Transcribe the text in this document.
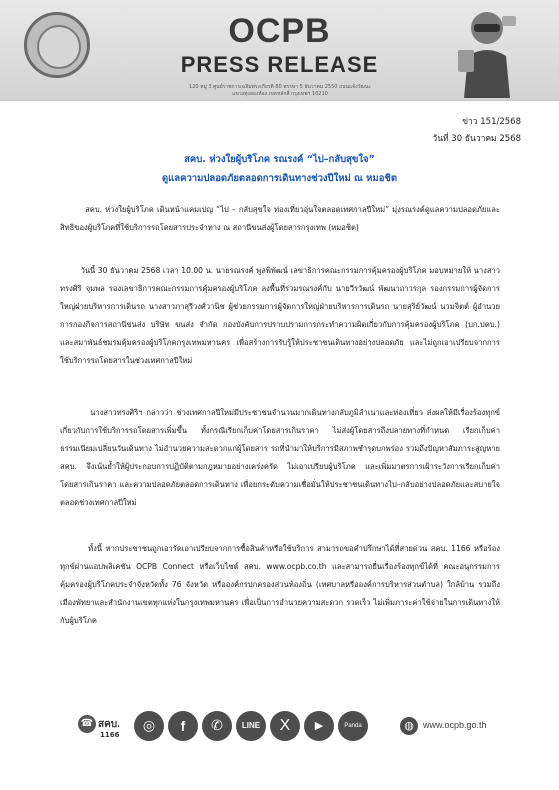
OCPB
PRESS RELEASE
120 หมู่ 3 ศูนย์ราชการเฉลิมพระเกียรติ 80 พรรษา 5 ธันวาคม 2550 ถนนแจ้งวัฒนะ
แขวงทุ่งสองห้อง เขตหลักสี่ กรุงเทพฯ 10210
ข่าว 151/2568
วันที่ 30 ธันวาคม 2568
สคบ. ห่วงใยผู้บริโภค รณรงค์ “ไป–กลับสุขใจ”
ดูแลความปลอดภัยตลอดการเดินทางช่วงปีใหม่ ณ หมอชิต
สคบ. ห่วงใยผู้บริโภค เดินหน้าแคมเปญ “ไป – กลับสุขใจ ท่องเที่ยวอุ่นใจตลอดเทศกาลปีใหม่” มุ่งรณรงค์ดูแลความปลอดภัยและสิทธิของผู้บริโภคที่ใช้บริการรถโดยสารประจำทาง ณ สถานีขนส่งผู้โดยสารกรุงเทพ (หมอชิต)
วันนี้ 30 ธันวาคม 2568 เวลา 10.00 น. นายรณรงค์ พูลพิพัฒน์ เลขาธิการคณะกรรมการคุ้มครองผู้บริโภค มอบหมายให้ นางสาวทรงศิริ จุมพล รองเลขาธิการคณะกรรมการคุ้มครองผู้บริโภค ลงพื้นที่ร่วมรณรงค์กับ นายวีรวัฒน์ พัฒนาถาวรกุล รองกรรมการผู้จัดการใหญ่ฝ่ายบริหารการเดินรถ นางสาวภาสุรีวงศ์วานิช ผู้ช่วยกรรมการผู้จัดการใหญ่ฝ่ายบริหารการเดินรถ นายสุริย์วัฒน์ นวมจิตต์ ผู้อำนวยการกองกิจการสถานีขนส่ง บริษัท ขนส่ง จำกัด กองบังคับการปราบปรามการกระทำความผิดเกี่ยวกับการคุ้มครองผู้บริโภค (บก.ปคบ.) และสมาพันธ์ชมรมคุ้มครองผู้บริโภคกรุงเทพมหานคร เพื่อสร้างการรับรู้ให้ประชาชนเดินทางอย่างปลอดภัย และไม่ถูกเอาเปรียบจากการใช้บริการรถโดยสารในช่วงเทศกาลปีใหม่
นางสาวทรงศิริฯ กล่าวว่า ช่วงเทศกาลปีใหม่มีประชาชนจำนวนมากเดินทางกลับภูมิลำเนาและท่องเที่ยว ส่งผลให้มีเรื่องร้องทุกข์เกี่ยวกับการใช้บริการรถโดยสารเพิ่มขึ้น ทั้งกรณีเรียกเก็บค่าโดยสารเกินราคา ไม่ส่งผู้โดยสารถึงปลายทางที่กำหนด เรียกเก็บค่าธรรมเนียมเปลี่ยนวันเดินทาง ไม่อำนวยความสะดวกแก่ผู้โดยสาร รถที่นำมาให้บริการมีสภาพชำรุดบกพร่อง รวมถึงปัญหาสัมภาระสูญหาย สคบ. จึงเน้นย้ำให้ผู้ประกอบการปฏิบัติตามกฎหมายอย่างเคร่งครัด ไม่เอาเปรียบผู้บริโภค และเพิ่มมาตรการเฝ้าระวังการเรียกเก็บค่าโดยสารเกินราคา และความปลอดภัยตลอดการเดินทาง เพื่อยกระดับความเชื่อมั่นให้ประชาชนเดินทางไป–กลับอย่างปลอดภัยและสบายใจตลอดช่วงเทศกาลปีใหม่
ทั้งนี้ หากประชาชนถูกเอารัดเอาเปรียบจากการซื้อสินค้าหรือใช้บริการ สามารถขอคำปรึกษาได้ที่สายด่วน สคบ. 1166 หรือร้องทุกข์ผ่านแอปพลิเคชัน OCPB Connect หรือเว็บไซต์ สคบ. www.ocpb.co.th และสามารถยื่นเรื่องร้องทุกข์ได้ที่ คณะอนุกรรมการคุ้มครองผู้บริโภคประจำจังหวัดทั้ง 76 จังหวัด หรือองค์กรปกครองส่วนท้องถิ่น (เทศบาลหรือองค์การบริหารส่วนตำบล) ใกล้บ้าน รวมถึงเมืองพัทยาและสำนักงานเขตทุกแห่งในกรุงเทพมหานคร เพื่อเป็นการอำนวยความสะดวก รวดเร็ว ไม่เพิ่มภาระค่าใช้จ่ายในการเดินทางให้กับผู้บริโภค
☎ สคบ.
1166
◎	f	✆	LINE	X	▶	Panda	◍	www.ocpb.go.th
